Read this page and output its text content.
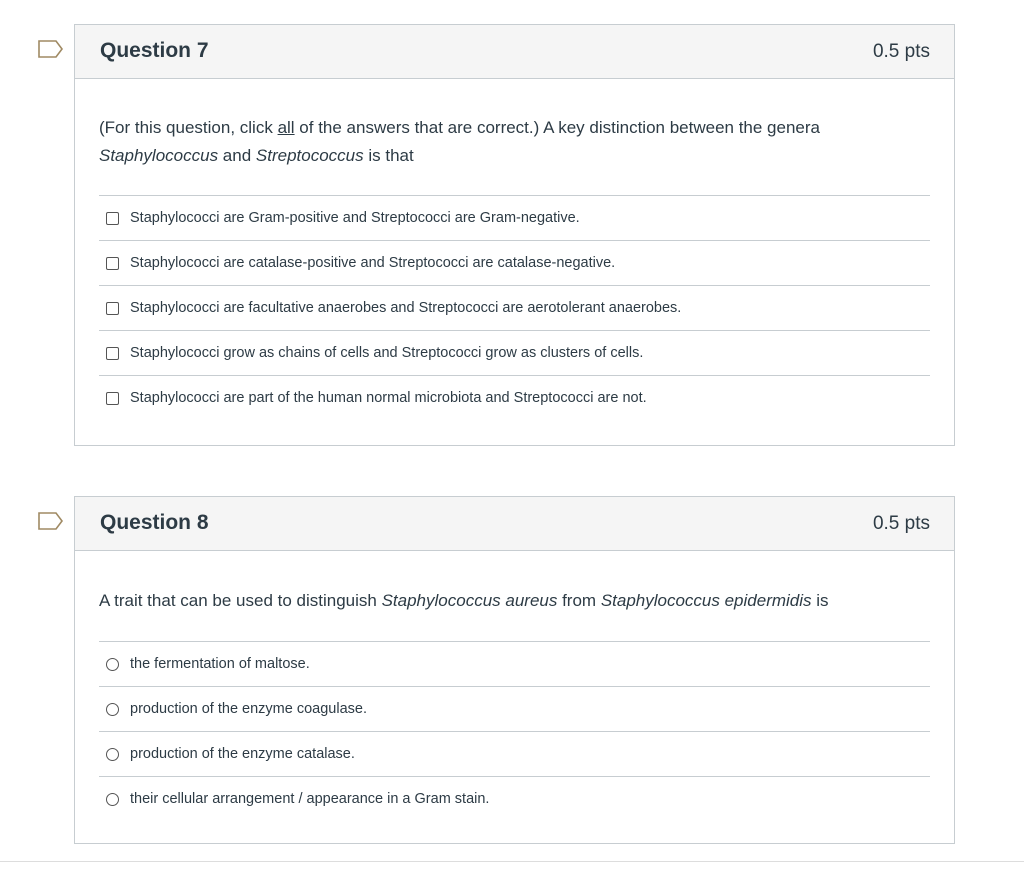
Question 7	0.5 pts
(For this question, click all of the answers that are correct.) A key distinction between the genera Staphylococcus and Streptococcus is that
Staphylococci are Gram-positive and Streptococci are Gram-negative.
Staphylococci are catalase-positive and Streptococci are catalase-negative.
Staphylococci are facultative anaerobes and Streptococci are aerotolerant anaerobes.
Staphylococci grow as chains of cells and Streptococci grow as clusters of cells.
Staphylococci are part of the human normal microbiota and Streptococci are not.
Question 8	0.5 pts
A trait that can be used to distinguish Staphylococcus aureus from Staphylococcus epidermidis is
the fermentation of maltose.
production of the enzyme coagulase.
production of the enzyme catalase.
their cellular arrangement / appearance in a Gram stain.
